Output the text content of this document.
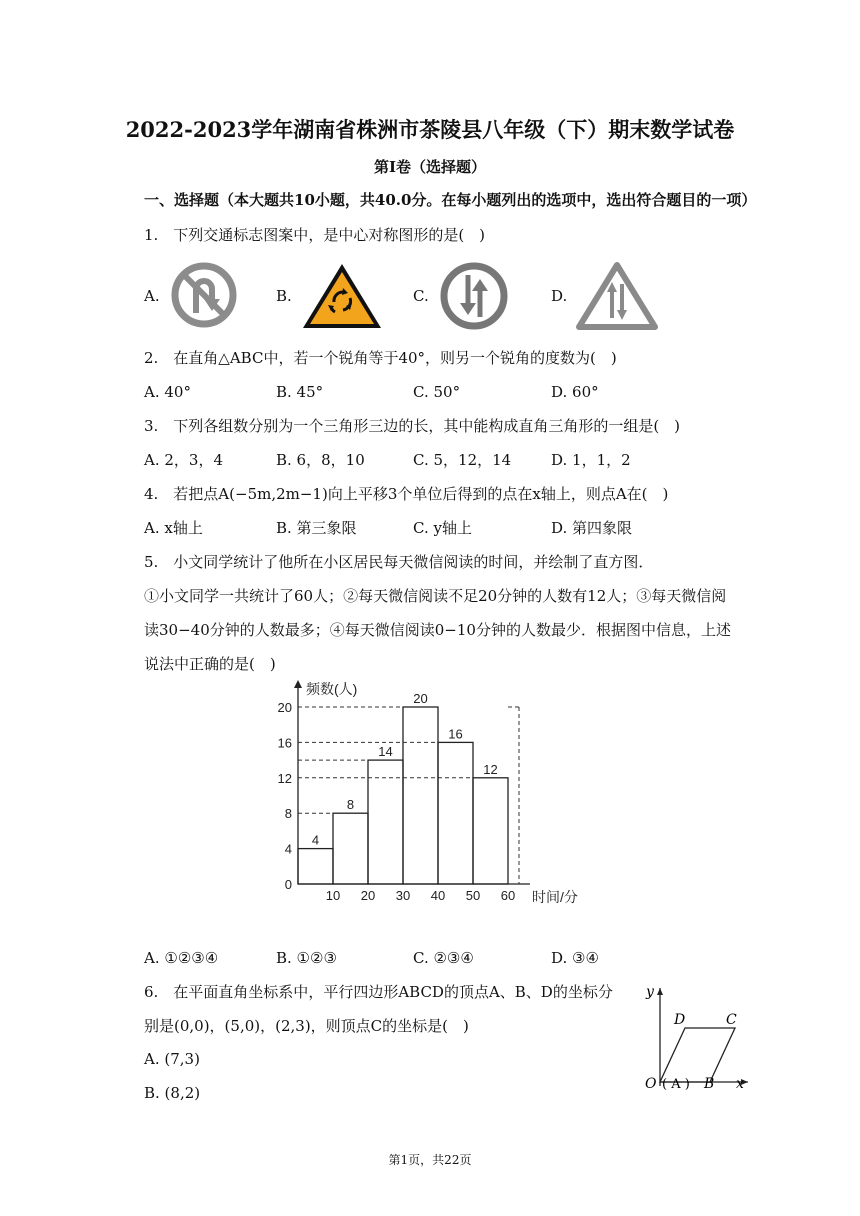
2022-2023学年湖南省株洲市茶陵县八年级（下）期末数学试卷
第I卷（选择题）
一、选择题（本大题共10小题，共40.0分。在每小题列出的选项中，选出符合题目的一项）
1.　下列交通标志图案中，是中心对称图形的是(　)
A.	B.	C.	D.
2.　在直角△ABC中，若一个锐角等于40°，则另一个锐角的度数为(　)
A. 40°	B. 45°	C. 50°	D. 60°
3.　下列各组数分别为一个三角形三边的长，其中能构成直角三角形的一组是(　)
A. 2，3，4	B. 6，8，10	C. 5，12，14	D. 1，1，2
4.　若把点A(−5m,2m−1)向上平移3个单位后得到的点在x轴上，则点A在(　)
A. x轴上	B. 第三象限	C. y轴上	D. 第四象限
5.　小文同学统计了他所在小区居民每天微信阅读的时间，并绘制了直方图．
①小文同学一共统计了60人；②每天微信阅读不足20分钟的人数有12人；③每天微信阅
读30−40分钟的人数最多；④每天微信阅读0−10分钟的人数最少．根据图中信息，上述
说法中正确的是(　)
4
8
14
20
16
12
0
4
8
12
16
20
10 20 30 40 50 60
频数(人)
时间/分
A. ①②③④	B. ①②③	C. ②③④	D. ③④
6.　在平面直角坐标系中，平行四边形ABCD的顶点A、B、D的坐标分
别是(0,0)，(5,0)，(2,3)，则顶点C的坐标是(　)
A. (7,3)
B. (8,2)
y
x
D	C
O ( A ) B
第1页，共22页
